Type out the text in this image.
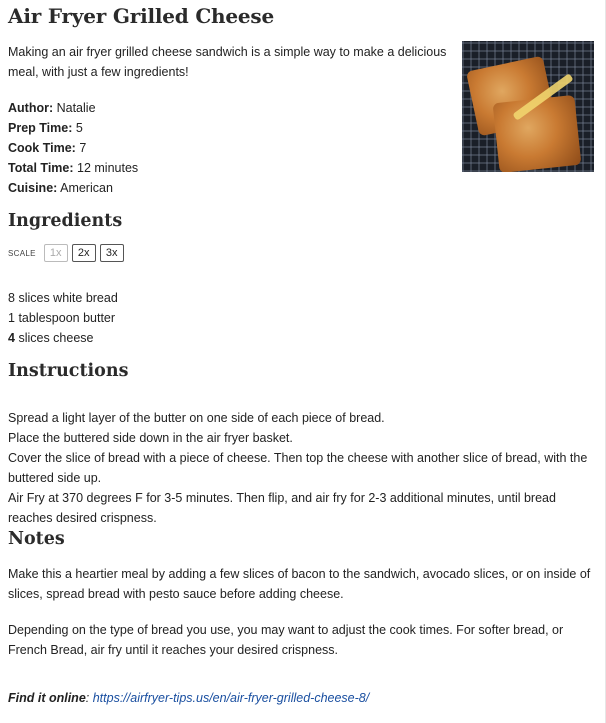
Air Fryer Grilled Cheese
Making an air fryer grilled cheese sandwich is a simple way to make a delicious meal, with just a few ingredients!
Author: Natalie
Prep Time: 5
Cook Time: 7
Total Time: 12 minutes
Cuisine: American
Ingredients
SCALE	1x	2x	3x
8 slices white bread
1 tablespoon butter
4 slices cheese
Instructions
Spread a light layer of the butter on one side of each piece of bread.
Place the buttered side down in the air fryer basket.
Cover the slice of bread with a piece of cheese. Then top the cheese with another slice of bread, with the buttered side up.
Air Fry at 370 degrees F for 3-5 minutes. Then flip, and air fry for 2-3 additional minutes, until bread reaches desired crispness.
Notes
Make this a heartier meal by adding a few slices of bacon to the sandwich, avocado slices, or on inside of slices, spread bread with pesto sauce before adding cheese.
Depending on the type of bread you use, you may want to adjust the cook times. For softer bread, or French Bread, air fry until it reaches your desired crispness.
Find it online: https://airfryer-tips.us/en/air-fryer-grilled-cheese-8/
